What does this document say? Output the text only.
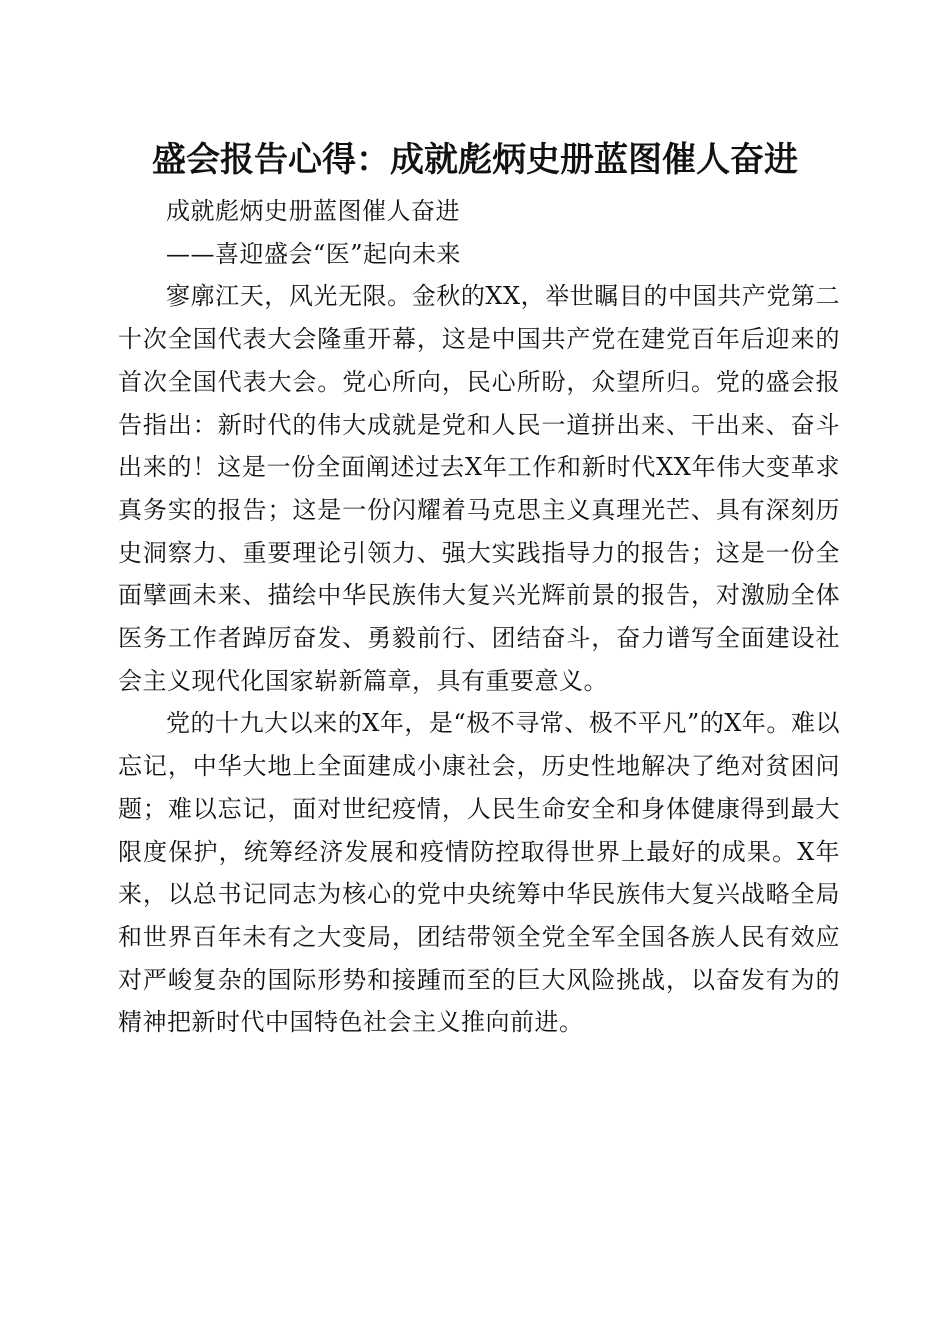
盛会报告心得：成就彪炳史册蓝图催人奋进

成就彪炳史册蓝图催人奋进

——喜迎盛会“医”起向未来

寥廓江天，风光无限。金秋的XX，举世瞩目的中国共产党第二十次全国代表大会隆重开幕，这是中国共产党在建党百年后迎来的首次全国代表大会。党心所向，民心所盼，众望所归。党的盛会报告指出：新时代的伟大成就是党和人民一道拼出来、干出来、奋斗出来的！这是一份全面阐述过去X年工作和新时代XX年伟大变革求真务实的报告；这是一份闪耀着马克思主义真理光芒、具有深刻历史洞察力、重要理论引领力、强大实践指导力的报告；这是一份全面擘画未来、描绘中华民族伟大复兴光辉前景的报告，对激励全体医务工作者踔厉奋发、勇毅前行、团结奋斗，奋力谱写全面建设社会主义现代化国家崭新篇章，具有重要意义。

党的十九大以来的X年，是“极不寻常、极不平凡”的X年。难以忘记，中华大地上全面建成小康社会，历史性地解决了绝对贫困问题；难以忘记，面对世纪疫情，人民生命安全和身体健康得到最大限度保护，统筹经济发展和疫情防控取得世界上最好的成果。X年来，以总书记同志为核心的党中央统筹中华民族伟大复兴战略全局和世界百年未有之大变局，团结带领全党全军全国各族人民有效应对严峻复杂的国际形势和接踵而至的巨大风险挑战，以奋发有为的精神把新时代中国特色社会主义推向前进。
